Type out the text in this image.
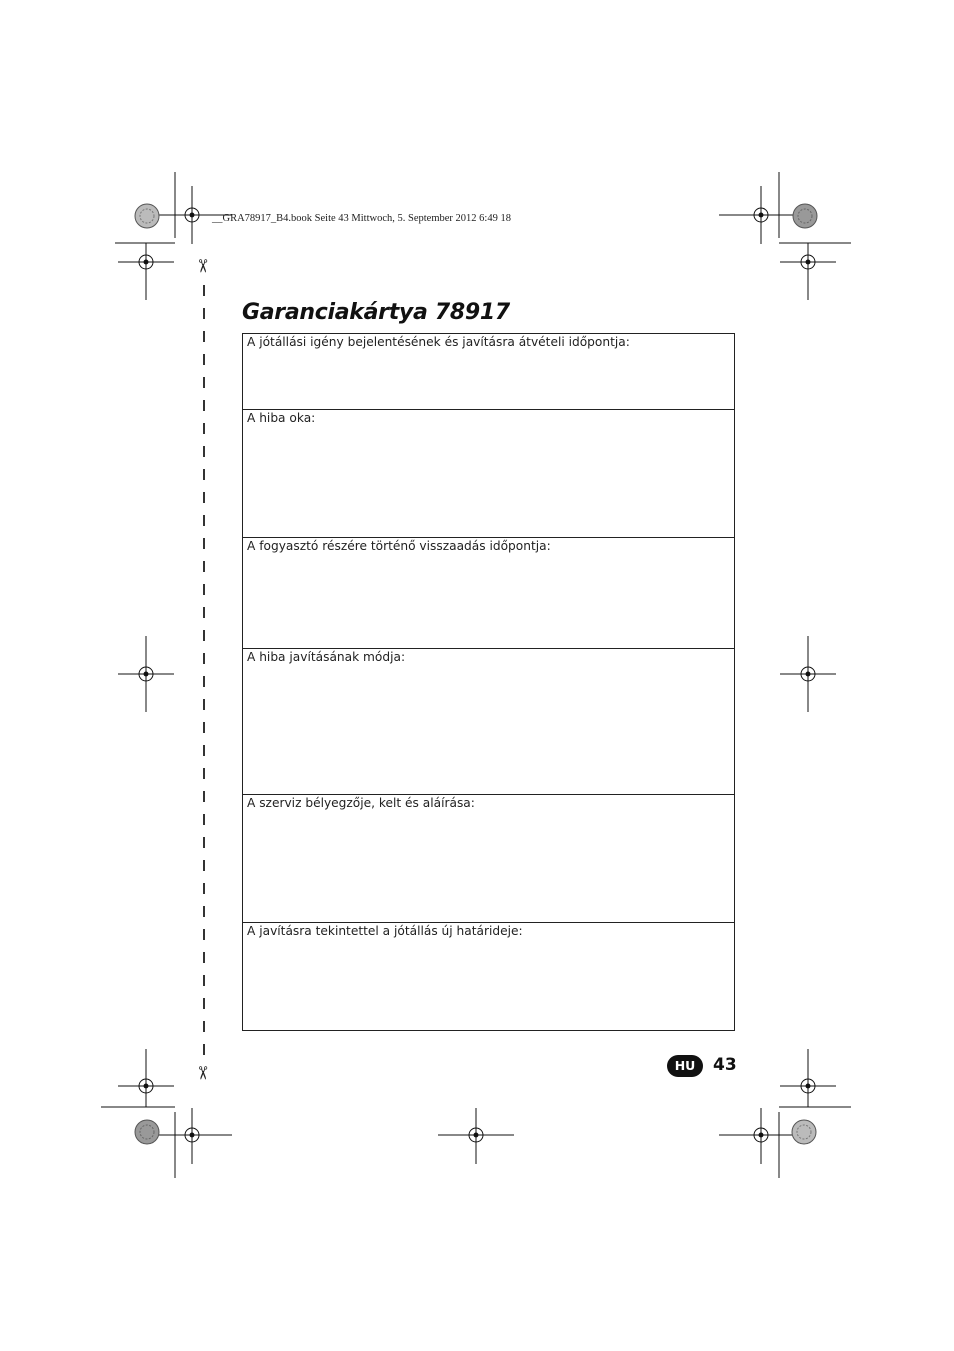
__GRA78917_B4.book Seite 43 Mittwoch, 5. September 2012 6:49 18
✂
✂
Garanciakártya 78917
A jótállási igény bejelentésének és javításra átvételi időpontja:
A hiba oka:
A fogyasztó részére történő visszaadás időpontja:
A hiba javításának módja:
A szerviz bélyegzője, kelt és aláírása:
A javításra tekintettel a jótállás új határideje:
HU	43
